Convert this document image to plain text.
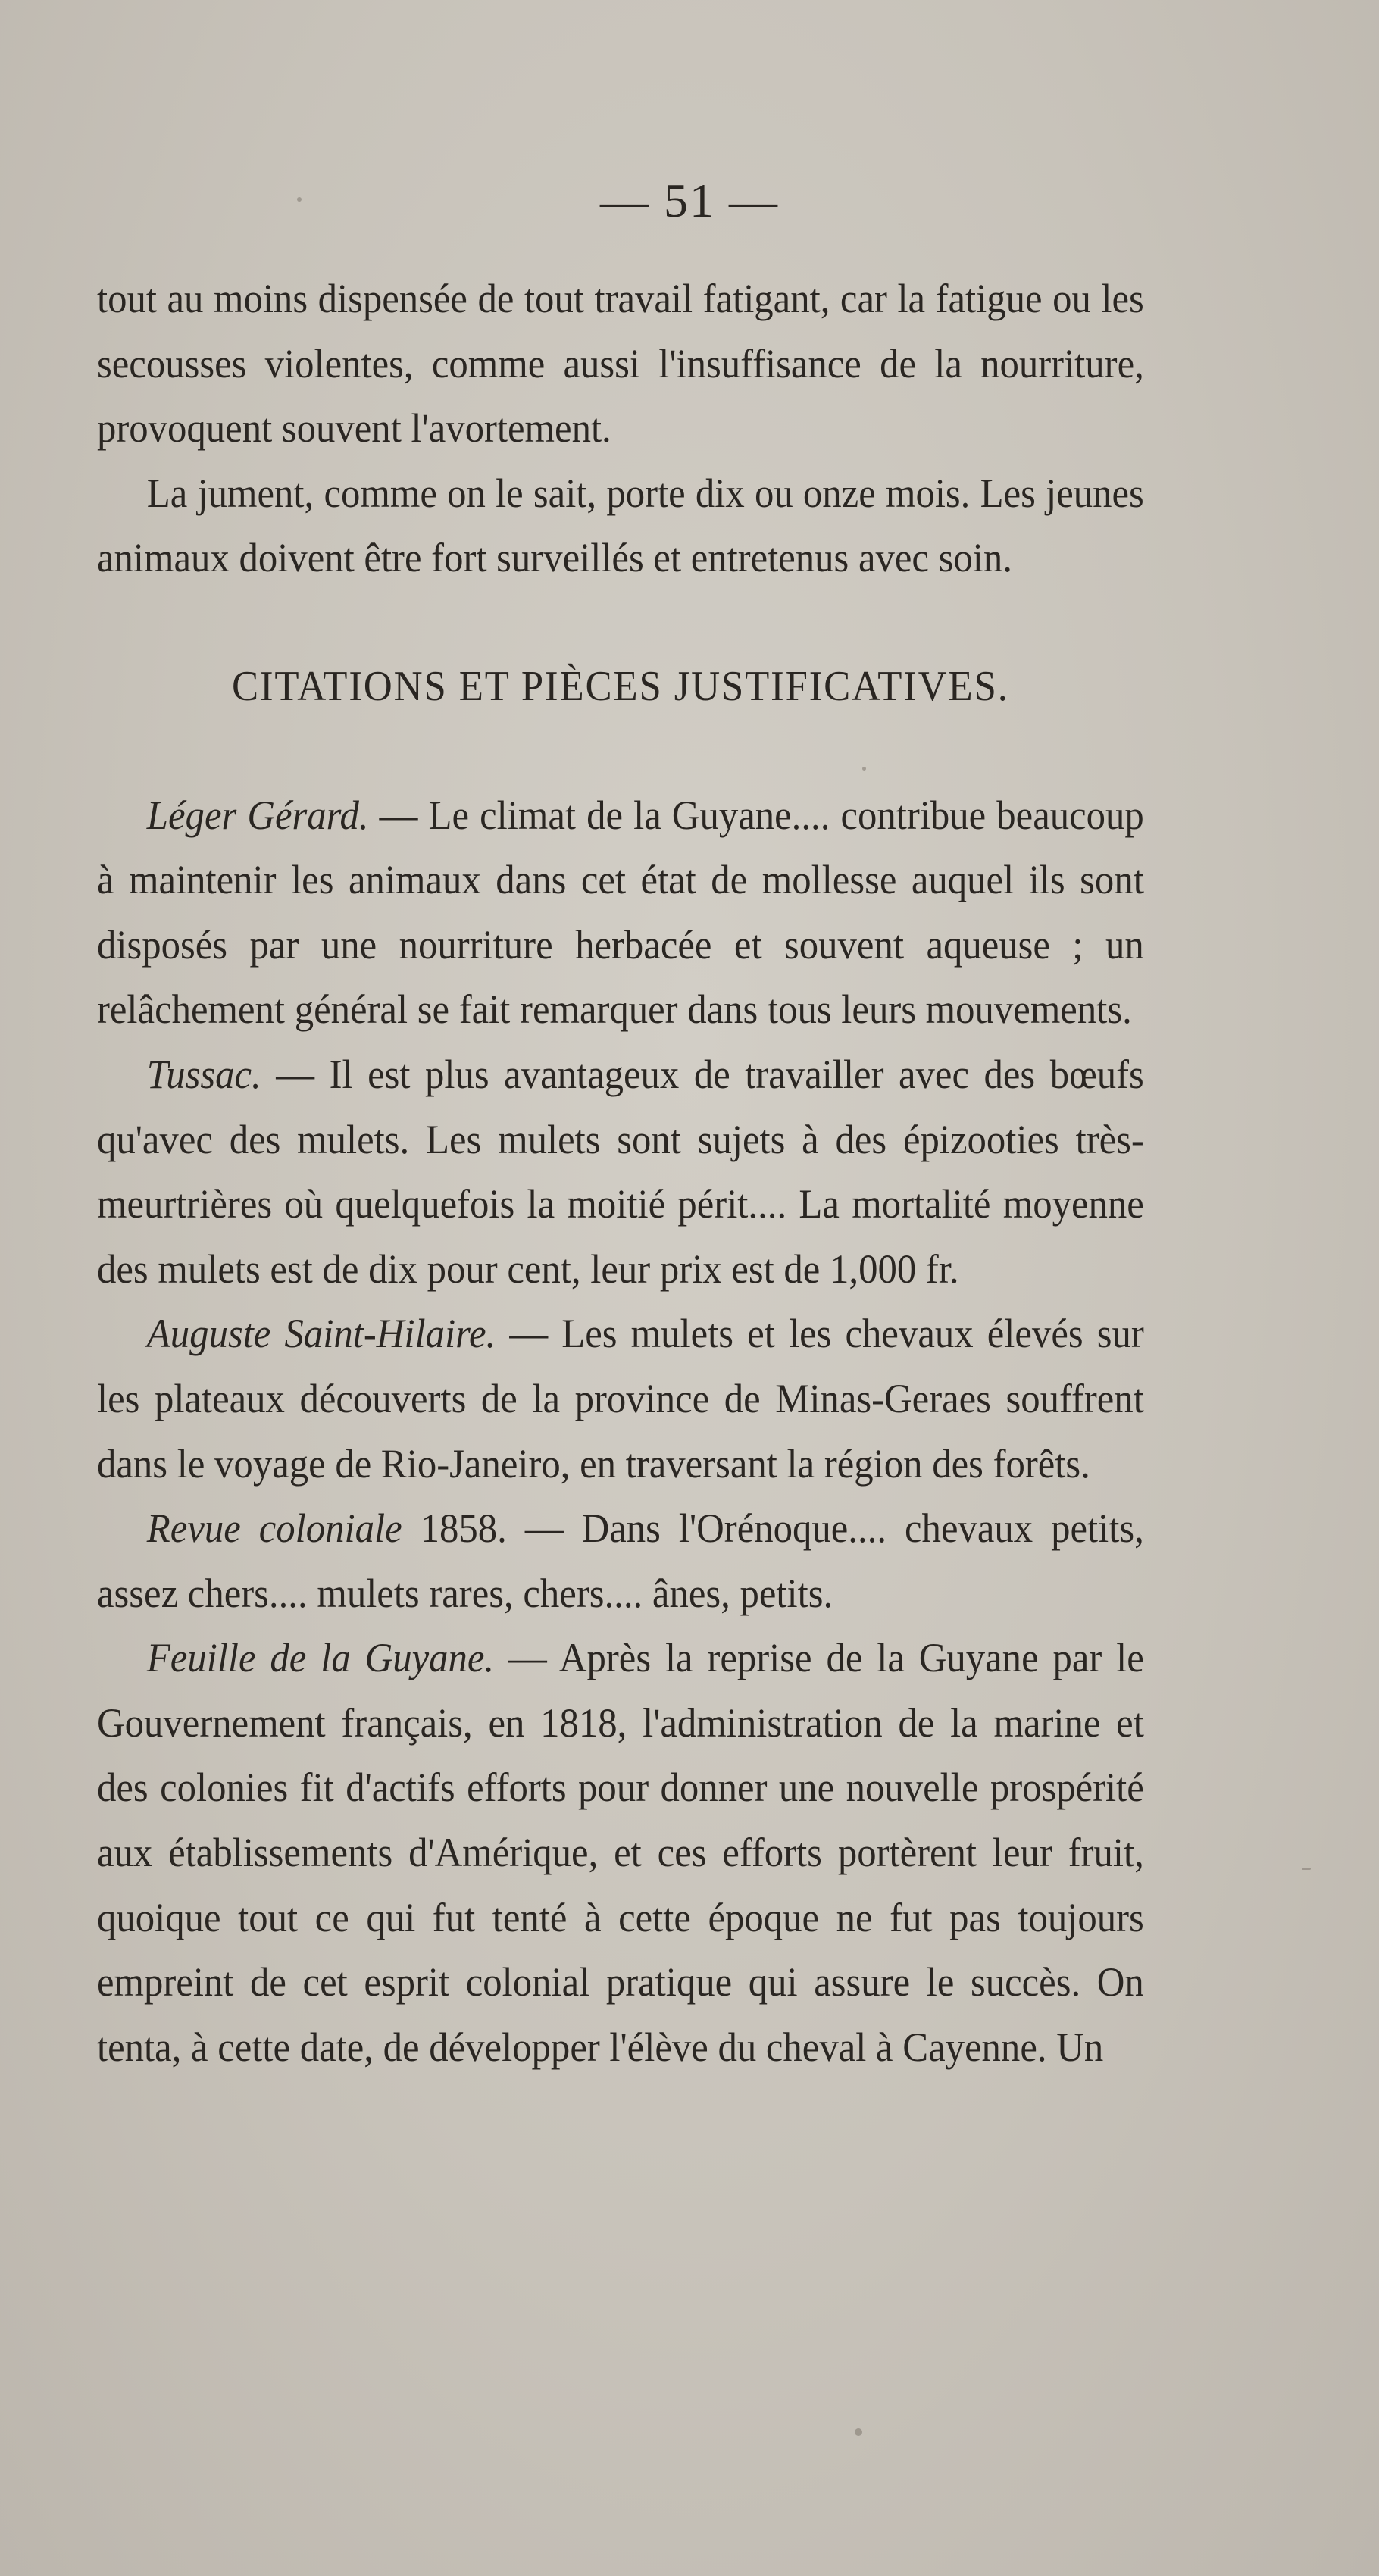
— 51 —

tout au moins dispensée de tout travail fatigant, car la fatigue ou les secousses violentes, comme aussi l'insuffisance de la nourriture, provoquent souvent l'avortement.

La jument, comme on le sait, porte dix ou onze mois. Les jeunes animaux doivent être fort surveillés et entretenus avec soin.

CITATIONS ET PIÈCES JUSTIFICATIVES.

Léger Gérard. — Le climat de la Guyane.... contribue beaucoup à maintenir les animaux dans cet état de mollesse auquel ils sont disposés par une nourriture herbacée et souvent aqueuse ; un relâchement général se fait remarquer dans tous leurs mouvements.

Tussac. — Il est plus avantageux de travailler avec des bœufs qu'avec des mulets. Les mulets sont sujets à des épizooties très-meurtrières où quelquefois la moitié périt.... La mortalité moyenne des mulets est de dix pour cent, leur prix est de 1,000 fr.

Auguste Saint-Hilaire. — Les mulets et les chevaux élevés sur les plateaux découverts de la province de Minas-Geraes souffrent dans le voyage de Rio-Janeiro, en traversant la région des forêts.

Revue coloniale 1858. — Dans l'Orénoque.... chevaux petits, assez chers.... mulets rares, chers.... ânes, petits.

Feuille de la Guyane. — Après la reprise de la Guyane par le Gouvernement français, en 1818, l'administration de la marine et des colonies fit d'actifs efforts pour donner une nouvelle prospérité aux établissements d'Amérique, et ces efforts portèrent leur fruit, quoique tout ce qui fut tenté à cette époque ne fut pas toujours empreint de cet esprit colonial pratique qui assure le succès. On tenta, à cette date, de développer l'élève du cheval à Cayenne. Un
